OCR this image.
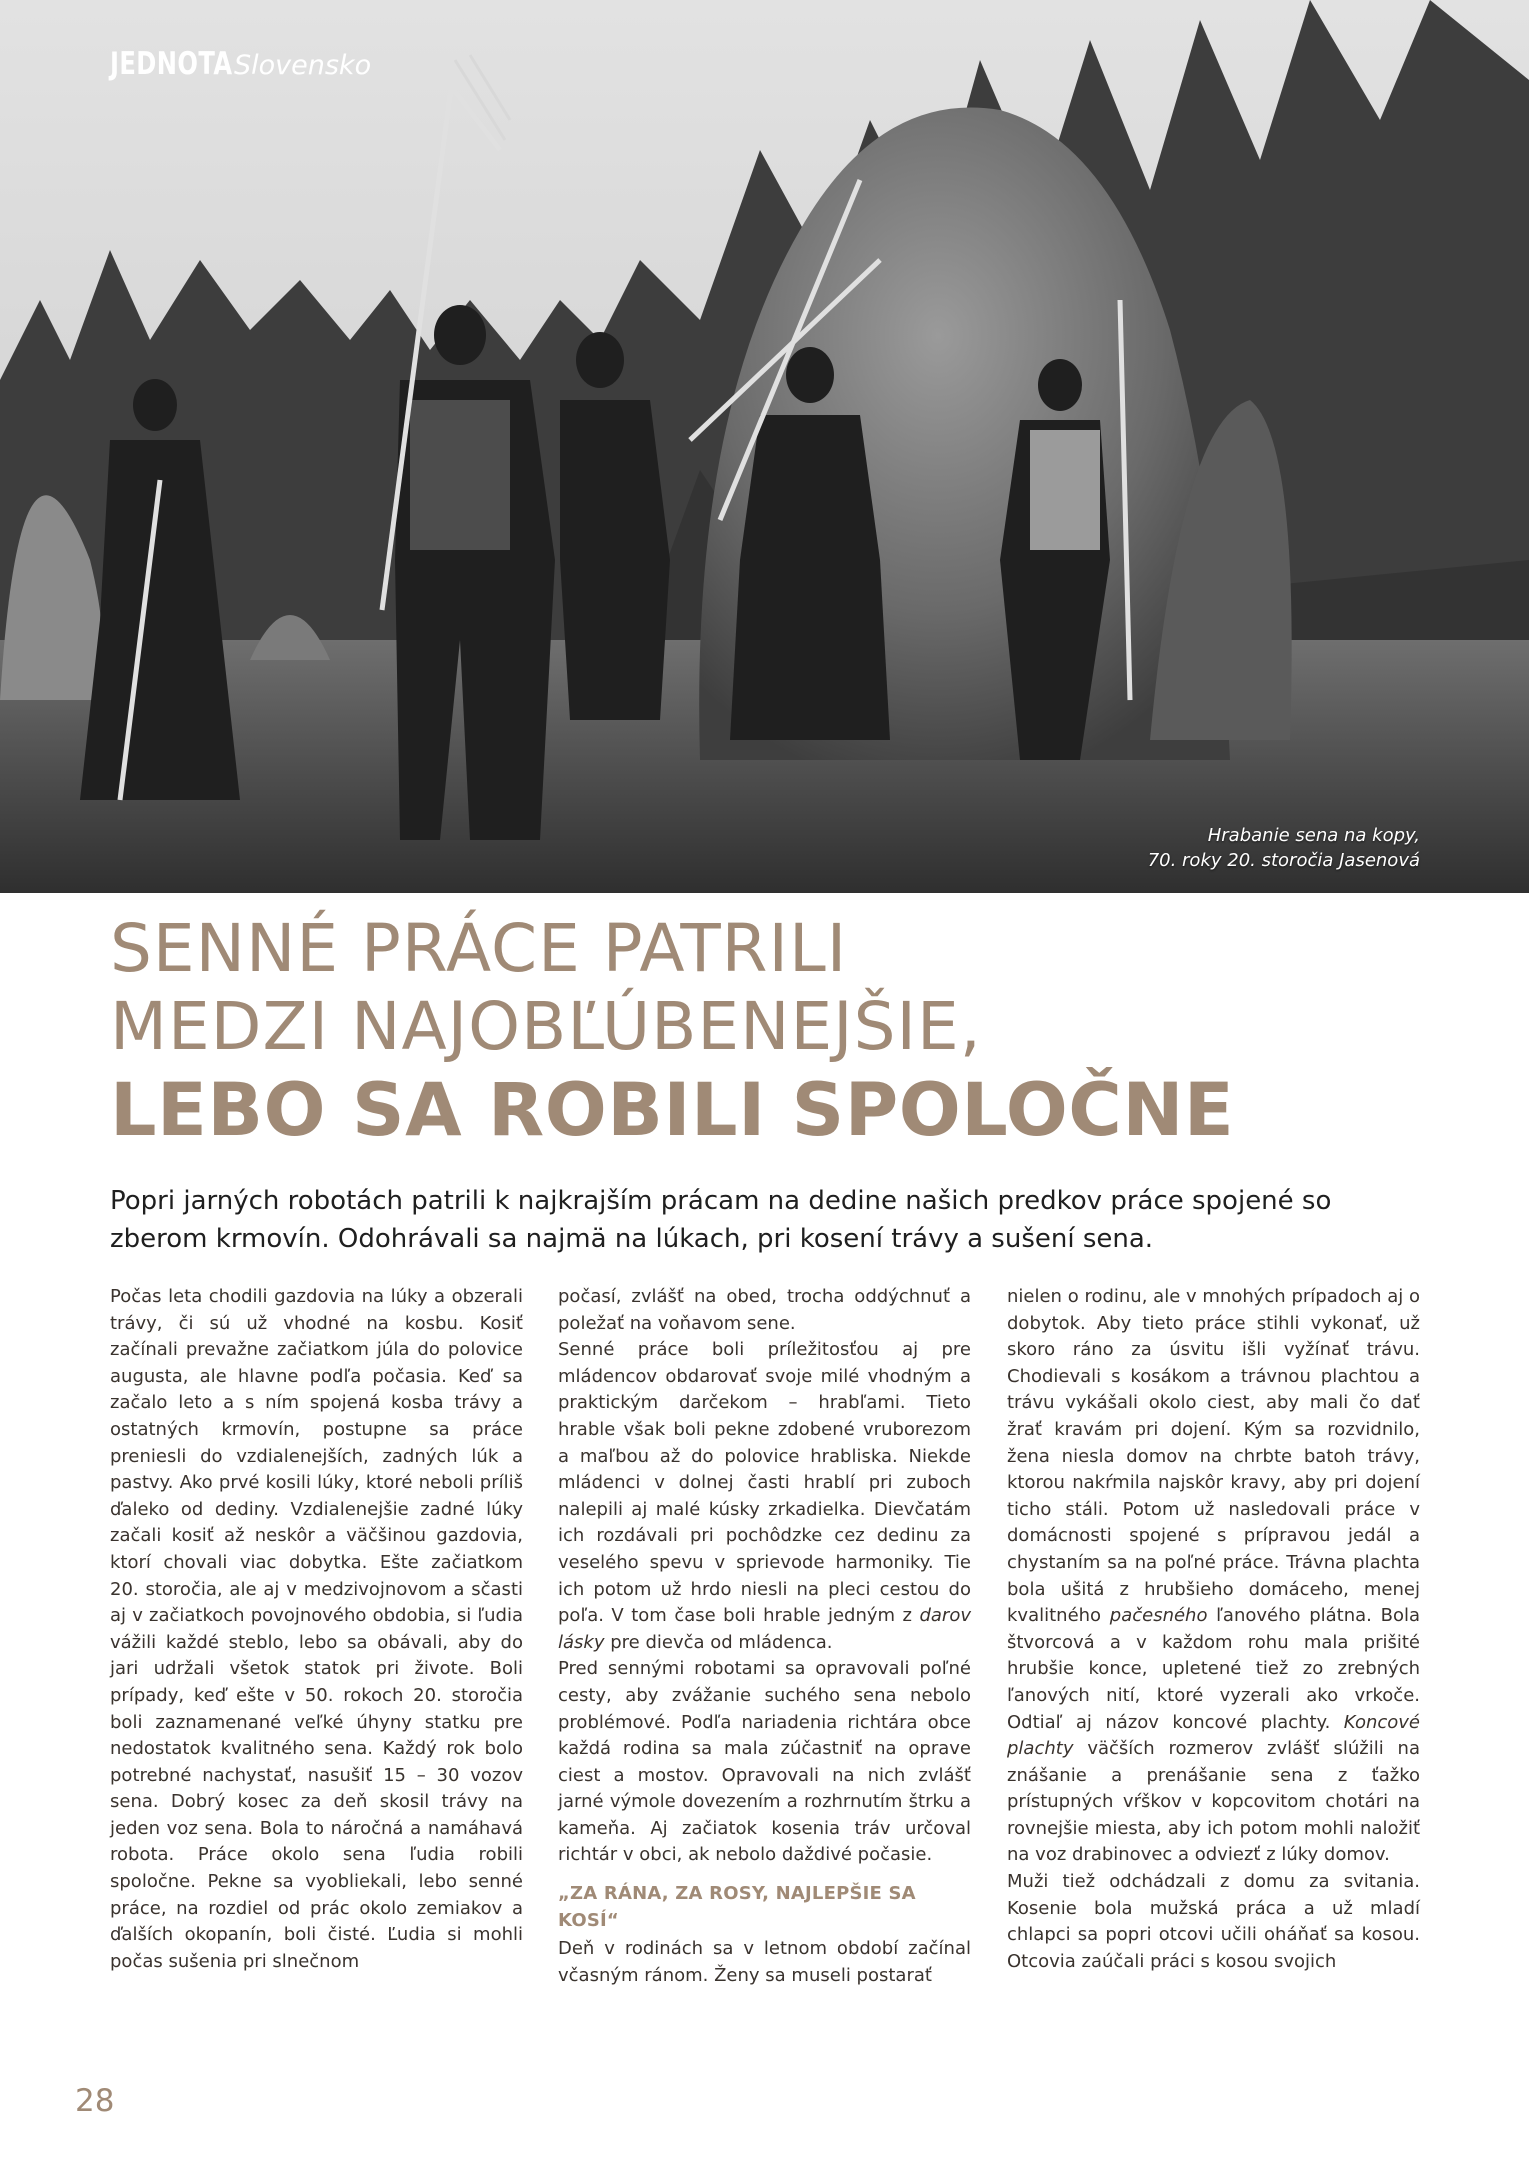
JEDNOTA Slovensko
Hrabanie sena na kopy,
70. roky 20. storočia Jasenová
SENNÉ PRÁCE PATRILI
MEDZI NAJOBĽÚBENEJŠIE,
LEBO SA ROBILI SPOLOČNE

Popri jarných robotách patrili k najkrajším prácam na dedine našich predkov práce spojené so zberom krmovín. Odohrávali sa najmä na lúkach, pri kosení trávy a sušení sena.

Počas leta chodili gazdovia na lúky a obzerali trávy, či sú už vhodné na kosbu. Kosiť začínali prevažne začiatkom júla do polovice augusta, ale hlavne podľa počasia. Keď sa začalo leto a s ním spojená kosba trávy a ostatných krmovín, postupne sa práce preniesli do vzdialenejších, zadných lúk a pastvy. Ako prvé kosili lúky, ktoré neboli príliš ďaleko od dediny. Vzdialenejšie zadné lúky začali kosiť až neskôr a väčšinou gazdovia, ktorí chovali viac dobytka. Ešte začiatkom 20. storočia, ale aj v medzivojnovom a sčasti aj v začiatkoch povojnového obdobia, si ľudia vážili každé steblo, lebo sa obávali, aby do jari udržali všetok statok pri živote. Boli prípady, keď ešte v 50. rokoch 20. storočia boli zaznamenané veľké úhyny statku pre nedostatok kvalitného sena. Každý rok bolo potrebné nachystať, nasušiť 15 – 30 vozov sena. Dobrý kosec za deň skosil trávy na jeden voz sena. Bola to náročná a namáhavá robota. Práce okolo sena ľudia robili spoločne. Pekne sa vyobliekali, lebo senné práce, na rozdiel od prác okolo zemiakov a ďalších okopanín, boli čisté. Ľudia si mohli počas sušenia pri slnečnom

počasí, zvlášť na obed, trocha oddýchnuť a poležať na voňavom sene.

Senné práce boli príležitosťou aj pre mládencov obdarovať svoje milé vhodným a praktickým darčekom – hrabľami. Tieto hrable však boli pekne zdobené vruborezom a maľbou až do polovice hrabliska. Niekde mládenci v dolnej časti hrablí pri zuboch nalepili aj malé kúsky zrkadielka. Dievčatám ich rozdávali pri pochôdzke cez dedinu za veselého spevu v sprievode harmoniky. Tie ich potom už hrdo niesli na pleci cestou do poľa. V tom čase boli hrable jedným z darov lásky pre dievča od mládenca.

Pred sennými robotami sa opravovali poľné cesty, aby zvážanie suchého sena nebolo problémové. Podľa nariadenia richtára obce každá rodina sa mala zúčastniť na oprave ciest a mostov. Opravovali na nich zvlášť jarné výmole dovezením a rozhrnutím štrku a kameňa. Aj začiatok kosenia tráv určoval richtár v obci, ak nebolo daždivé počasie.

„ZA RÁNA, ZA ROSY, NAJLEPŠIE SA KOSÍ“

Deň v rodinách sa v letnom období začínal včasným ránom. Ženy sa museli postarať

nielen o rodinu, ale v mnohých prípadoch aj o dobytok. Aby tieto práce stihli vykonať, už skoro ráno za úsvitu išli vyžínať trávu. Chodievali s kosákom a trávnou plachtou a trávu vykášali okolo ciest, aby mali čo dať žrať kravám pri dojení. Kým sa rozvidnilo, žena niesla domov na chrbte batoh trávy, ktorou nakŕmila najskôr kravy, aby pri dojení ticho stáli. Potom už nasledovali práce v domácnosti spojené s prípravou jedál a chystaním sa na poľné práce. Trávna plachta bola ušitá z hrubšieho domáceho, menej kvalitného pačesného ľanového plátna. Bola štvorcová a v každom rohu mala prišité hrubšie konce, upletené tiež zo zrebných ľanových nití, ktoré vyzerali ako vrkoče. Odtiaľ aj názov koncové plachty. Koncové plachty väčších rozmerov zvlášť slúžili na znášanie a prenášanie sena z ťažko prístupných vŕškov v kopcovitom chotári na rovnejšie miesta, aby ich potom mohli naložiť na voz drabinovec a odviezť z lúky domov.

Muži tiež odchádzali z domu za svitania. Kosenie bola mužská práca a už mladí chlapci sa popri otcovi učili oháňať sa kosou. Otcovia zaúčali práci s kosou svojich

28
